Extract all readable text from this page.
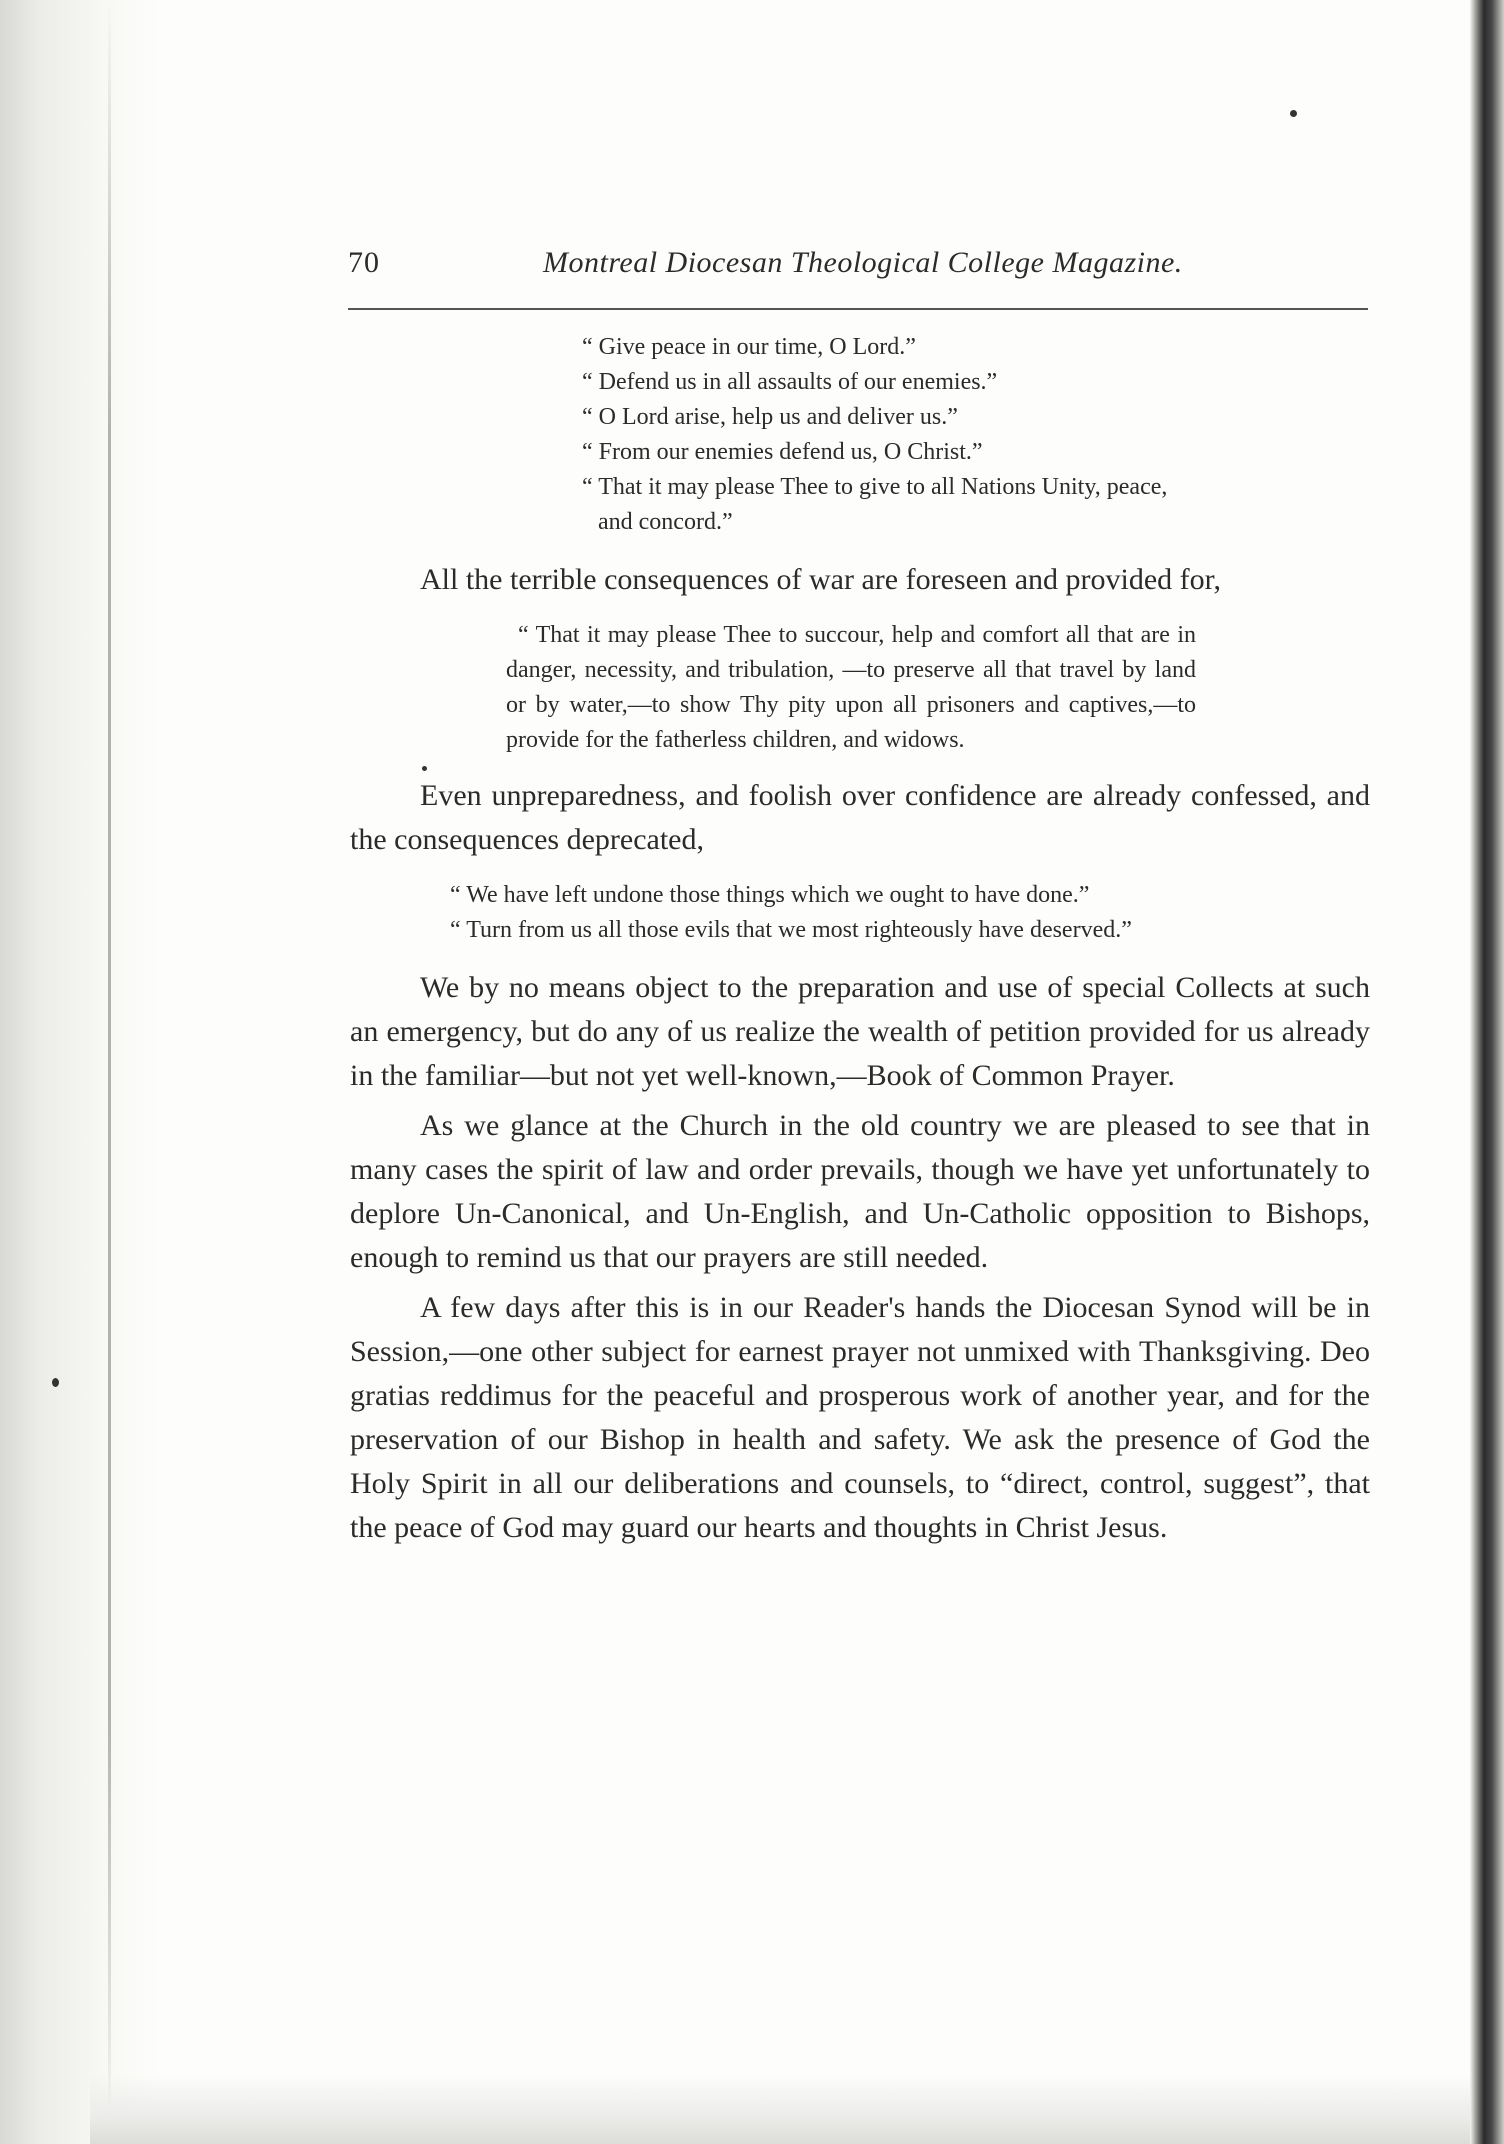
70	Montreal Diocesan Theological College Magazine.

“ Give peace in our time, O Lord.”

“ Defend us in all assaults of our enemies.”

“ O Lord arise, help us and deliver us.”

“ From our enemies defend us, O Christ.”

“ That it may please Thee to give to all Nations Unity, peace,

and concord.”

All the terrible consequences of war are foreseen and provided for,

“ That it may please Thee to succour, help and comfort all that are in danger, necessity, and tribulation, —to preserve all that travel by land or by water,—to show Thy pity upon all prisoners and captives,—to provide for the fatherless children, and widows.

Even unpreparedness, and foolish over confidence are already confessed, and the consequences deprecated,

“ We have left undone those things which we ought to have done.”

“ Turn from us all those evils that we most righteously have deserved.”

We by no means object to the preparation and use of special Collects at such an emergency, but do any of us realize the wealth of petition provided for us already in the familiar—but not yet well-known,—Book of Common Prayer.

As we glance at the Church in the old country we are pleased to see that in many cases the spirit of law and order prevails, though we have yet unfortunately to deplore Un-Canonical, and Un-English, and Un-Catholic opposition to Bishops, enough to remind us that our prayers are still needed.

A few days after this is in our Reader's hands the Diocesan Synod will be in Session,—one other subject for earnest prayer not unmixed with Thanksgiving. Deo gratias reddimus for the peaceful and prosperous work of another year, and for the preservation of our Bishop in health and safety. We ask the presence of God the Holy Spirit in all our deliberations and counsels, to “direct, control, suggest”, that the peace of God may guard our hearts and thoughts in Christ Jesus.
